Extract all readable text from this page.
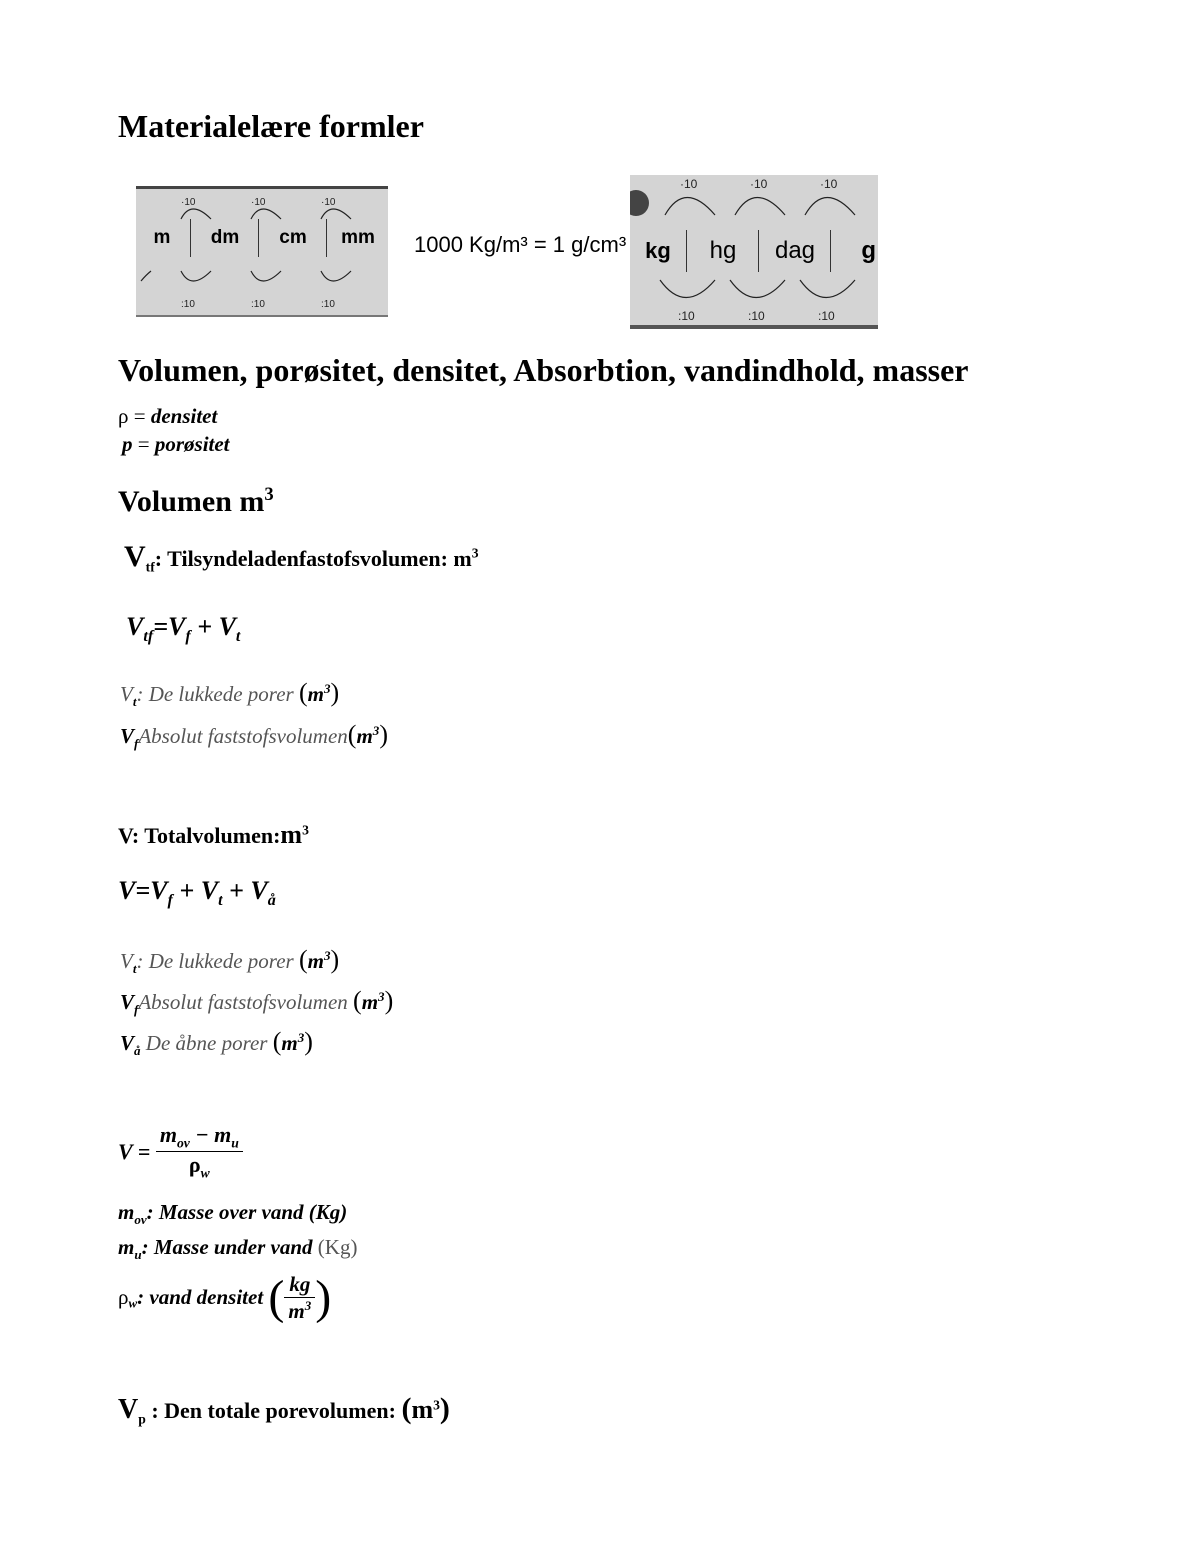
Materialelære formler
·10	·10	·10
:10	:10	:10
m	dm	cm	mm	1000 Kg/m³ = 1 g/cm³
·10	·10	·10
:10	:10	:10
kg	hg	dag	g
Volumen, porøsitet, densitet, Absorbtion, vandindhold, masser
ρ = densitet
p = porøsitet
Volumen $m^3$
$V_{tf}$: Tilsyndeladenfastofsvolumen: $m^3$
$V_{tf}=V_f + V_t$
$V_t$: De lukkede porer $(m^3)$
$V_fAbsolut$ $faststofsvolumen(m^3)$
V: $Totalvolumen:m^3$
$V=V_f + V_t + V_å$
$V_t$: De lukkede porer $(m^3)$
$V_fAbsolut$ faststofsvolumen $(m^3)$
$V_å$ De åbne porer $(m^3)$
$V = \frac{m_{ov} - m_u}{\rho_w}$
$m_{ov}$: Masse over vand (Kg)
$m_u$: Masse under vand (Kg)
$\rho_w$: vand densitet ( $\frac{kg}{m^3}$ )
$V_p$ : Den totale porevolumen: $(m^3)$
